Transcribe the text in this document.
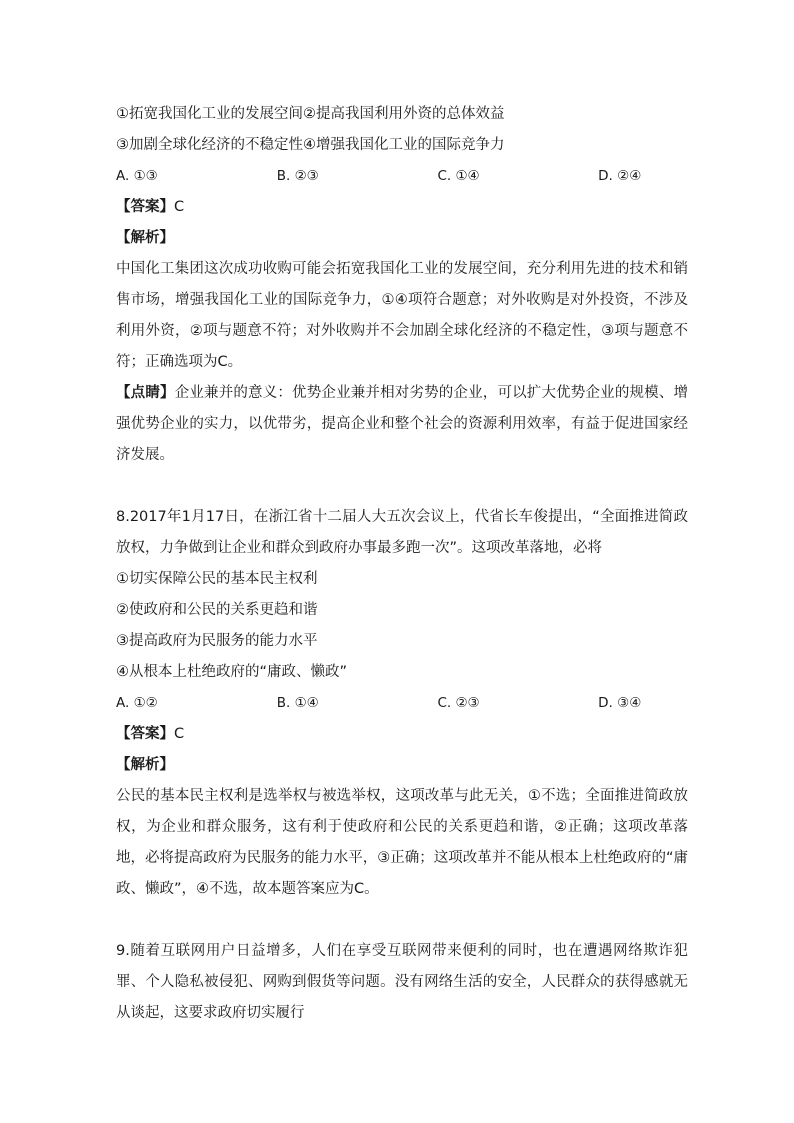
①拓宽我国化工业的发展空间②提高我国利用外资的总体效益
③加剧全球化经济的不稳定性④增强我国化工业的国际竞争力
A. ①③	B. ②③	C. ①④	D. ②④
【答案】C
【解析】
中国化工集团这次成功收购可能会拓宽我国化工业的发展空间，充分利用先进的技术和销售市场，增强我国化工业的国际竞争力，①④项符合题意；对外收购是对外投资，不涉及利用外资，②项与题意不符；对外收购并不会加剧全球化经济的不稳定性，③项与题意不符；正确选项为C。
【点睛】企业兼并的意义：优势企业兼并相对劣势的企业，可以扩大优势企业的规模、增强优势企业的实力，以优带劣，提高企业和整个社会的资源利用效率，有益于促进国家经济发展。
8.2017年1月17日，在浙江省十二届人大五次会议上，代省长车俊提出，“全面推进简政放权，力争做到让企业和群众到政府办事最多跑一次”。这项改革落地，必将
①切实保障公民的基本民主权利
②使政府和公民的关系更趋和谐
③提高政府为民服务的能力水平
④从根本上杜绝政府的“庸政、懒政”
A. ①②	B. ①④	C. ②③	D. ③④
【答案】C
【解析】
公民的基本民主权利是选举权与被选举权，这项改革与此无关，①不选；全面推进简政放权，为企业和群众服务，这有利于使政府和公民的关系更趋和谐，②正确；这项改革落地，必将提高政府为民服务的能力水平，③正确；这项改革并不能从根本上杜绝政府的“庸政、懒政”，④不选，故本题答案应为C。
9.随着互联网用户日益增多，人们在享受互联网带来便利的同时，也在遭遇网络欺诈犯罪、个人隐私被侵犯、网购到假货等问题。没有网络生活的安全，人民群众的获得感就无从谈起，这要求政府切实履行
